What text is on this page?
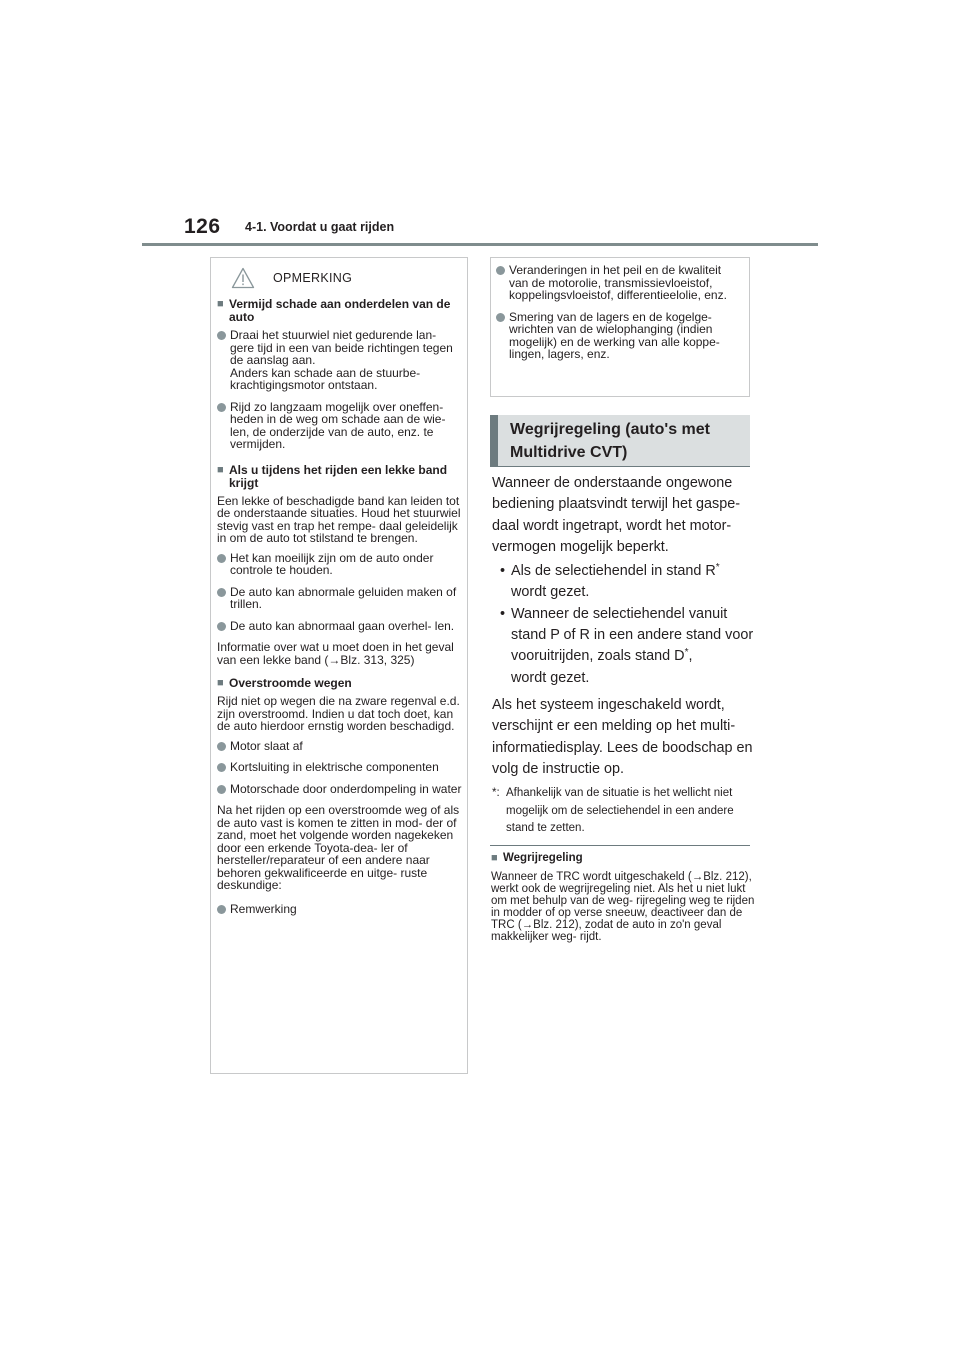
126 4-1. Voordat u gaat rijden
OPMERKING
■ Vermijd schade aan onderdelen van de auto
Draai het stuurwiel niet gedurende lan- gere tijd in een van beide richtingen tegen de aanslag aan.
Anders kan schade aan de stuurbe- krachtigingsmotor ontstaan.
Rijd zo langzaam mogelijk over oneffen- heden in de weg om schade aan de wie- len, de onderzijde van de auto, enz. te vermijden.
■ Als u tijdens het rijden een lekke band krijgt
Een lekke of beschadigde band kan leiden tot de onderstaande situaties. Houd het stuurwiel stevig vast en trap het rempe- daal geleidelijk in om de auto tot stilstand te brengen.
Het kan moeilijk zijn om de auto onder controle te houden.
De auto kan abnormale geluiden maken of trillen.
De auto kan abnormaal gaan overhel- len.
Informatie over wat u moet doen in het geval van een lekke band (→Blz. 313, 325)
■ Overstroomde wegen
Rijd niet op wegen die na zware regenval e.d. zijn overstroomd. Indien u dat toch doet, kan de auto hierdoor ernstig worden beschadigd.
Motor slaat af
Kortsluiting in elektrische componenten
Motorschade door onderdompeling in water
Na het rijden op een overstroomde weg of als de auto vast is komen te zitten in mod- der of zand, moet het volgende worden nagekeken door een erkende Toyota-dea- ler of hersteller/reparateur of een andere naar behoren gekwalificeerde en uitge- ruste deskundige:
Remwerking
Veranderingen in het peil en de kwaliteit van de motorolie, transmissievloeistof, koppelingsvloeistof, differentieelolie, enz.
Smering van de lagers en de kogelge- wrichten van de wielophanging (indien mogelijk) en de werking van alle koppe- lingen, lagers, enz.
Wegrijregeling (auto's met
Multidrive CVT)

Wanneer de onderstaande ongewone bediening plaatsvindt terwijl het gaspe- daal wordt ingetrapt, wordt het motor- vermogen mogelijk beperkt.

• Als de selectiehendel in stand R*
wordt gezet.
• Wanneer de selectiehendel vanuit stand P of R in een andere stand voor vooruitrijden, zoals stand D*,
wordt gezet.

Als het systeem ingeschakeld wordt, verschijnt er een melding op het multi- informatiedisplay. Lees de boodschap en volg de instructie op.

*: Afhankelijk van de situatie is het wellicht niet mogelijk om de selectiehendel in een andere stand te zetten.
■ Wegrijregeling
Wanneer de TRC wordt uitgeschakeld (→Blz. 212), werkt ook de wegrijregeling niet. Als het u niet lukt om met behulp van de weg- rijregeling weg te rijden in modder of op verse sneeuw, deactiveer dan de TRC (→Blz. 212), zodat de auto in zo'n geval makkelijker weg- rijdt.
